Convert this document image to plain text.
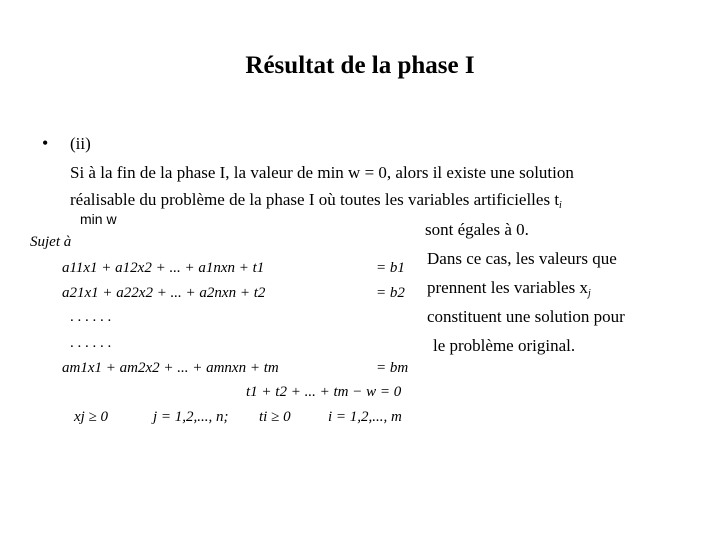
Résultat de la phase I
• (ii)
Si à la fin de la phase I, la valeur de min w = 0, alors il existe une solution
réalisable du problème de la phase I où toutes les variables artificielles $t_i$
sont égales à 0.
Dans ce cas, les valeurs que
prennent les variables $x_j$
constituent une solution pour
le problème original.
min w
Sujet à
a11x1 + a12x2 + ... + a1nxn + t1	= b1
a21x1 + a22x2 + ... + a2nxn + t2	= b2
. . . . . .
. . . . . .
am1x1 + am2x2 + ... + amnxn + tm	= bm
t1 + t2 + ... + tm − w = 0
xj ≥ 0	j = 1,2,..., n; ti ≥ 0 i = 1,2,..., m
